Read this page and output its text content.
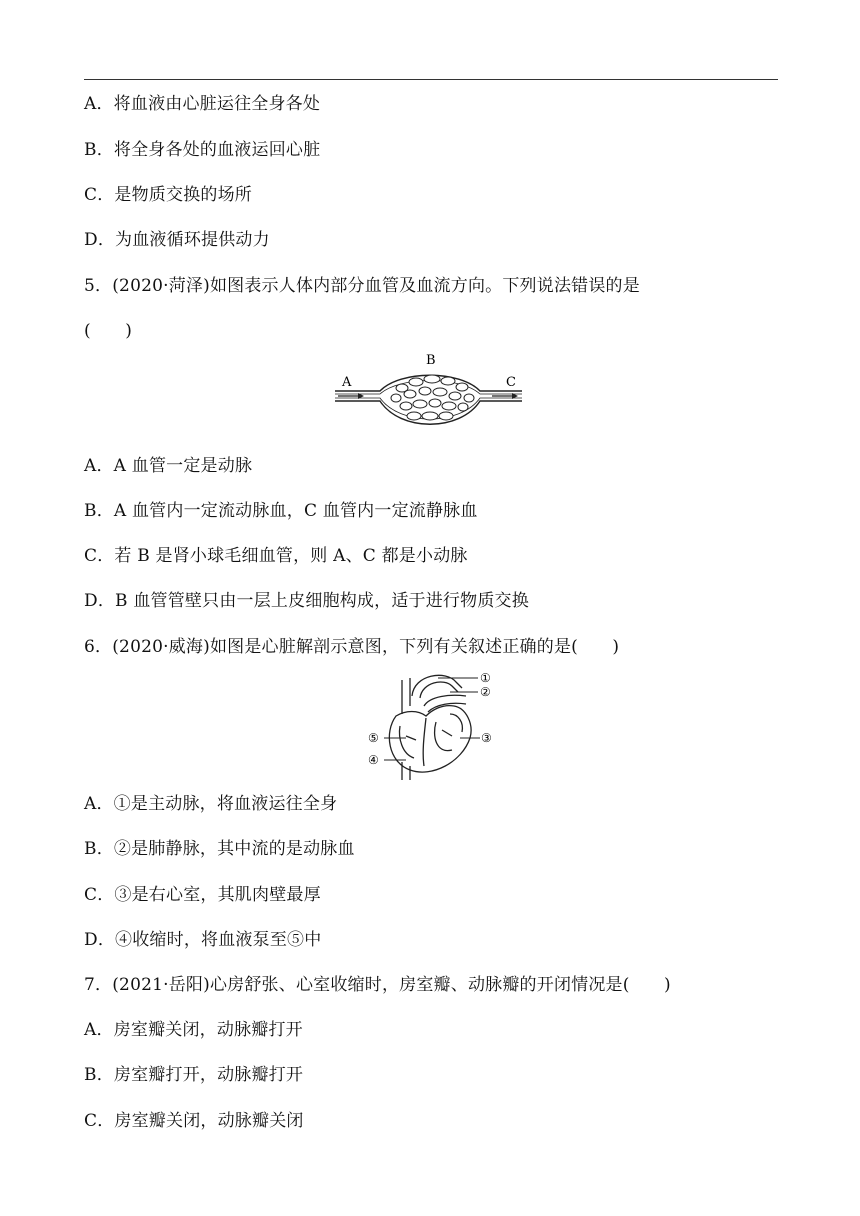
A．将血液由心脏运往全身各处
B．将全身各处的血液运回心脏
C．是物质交换的场所
D．为血液循环提供动力
5．(2020·菏泽)如图表示人体内部分血管及血流方向。下列说法错误的是
(　　)
A
B
C
A．A 血管一定是动脉
B．A 血管内一定流动脉血，C 血管内一定流静脉血
C．若 B 是肾小球毛细血管，则 A、C 都是小动脉
D．B 血管管壁只由一层上皮细胞构成，适于进行物质交换
6．(2020·威海)如图是心脏解剖示意图，下列有关叙述正确的是(　　)
①
②
③
④
⑤
A．①是主动脉，将血液运往全身
B．②是肺静脉，其中流的是动脉血
C．③是右心室，其肌肉壁最厚
D．④收缩时，将血液泵至⑤中
7．(2021·岳阳)心房舒张、心室收缩时，房室瓣、动脉瓣的开闭情况是(　　)
A．房室瓣关闭，动脉瓣打开
B．房室瓣打开，动脉瓣打开
C．房室瓣关闭，动脉瓣关闭
